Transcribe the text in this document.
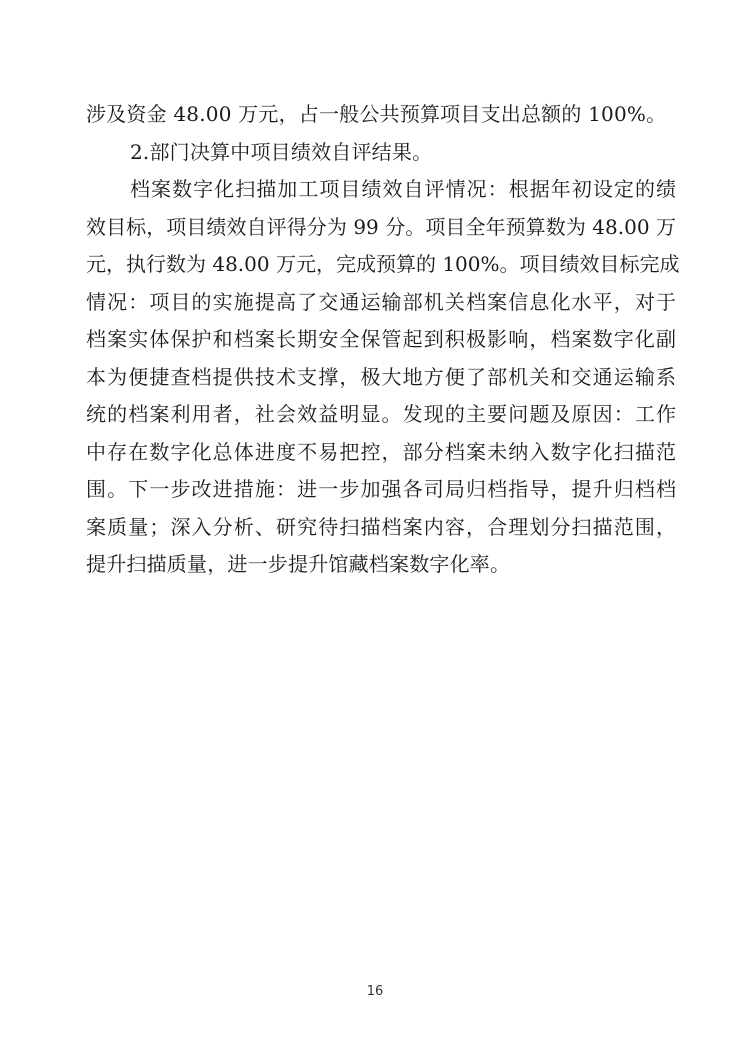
涉及资金 48.00 万元，占一般公共预算项目支出总额的 100%。
2.部门决算中项目绩效自评结果。
档案数字化扫描加工项目绩效自评情况：根据年初设定的绩
效目标，项目绩效自评得分为 99 分。项目全年预算数为 48.00 万
元，执行数为 48.00 万元，完成预算的 100%。项目绩效目标完成
情况：项目的实施提高了交通运输部机关档案信息化水平，对于
档案实体保护和档案长期安全保管起到积极影响，档案数字化副
本为便捷查档提供技术支撑，极大地方便了部机关和交通运输系
统的档案利用者，社会效益明显。发现的主要问题及原因：工作
中存在数字化总体进度不易把控，部分档案未纳入数字化扫描范
围。下一步改进措施：进一步加强各司局归档指导，提升归档档
案质量；深入分析、研究待扫描档案内容，合理划分扫描范围，
提升扫描质量，进一步提升馆藏档案数字化率。
16
